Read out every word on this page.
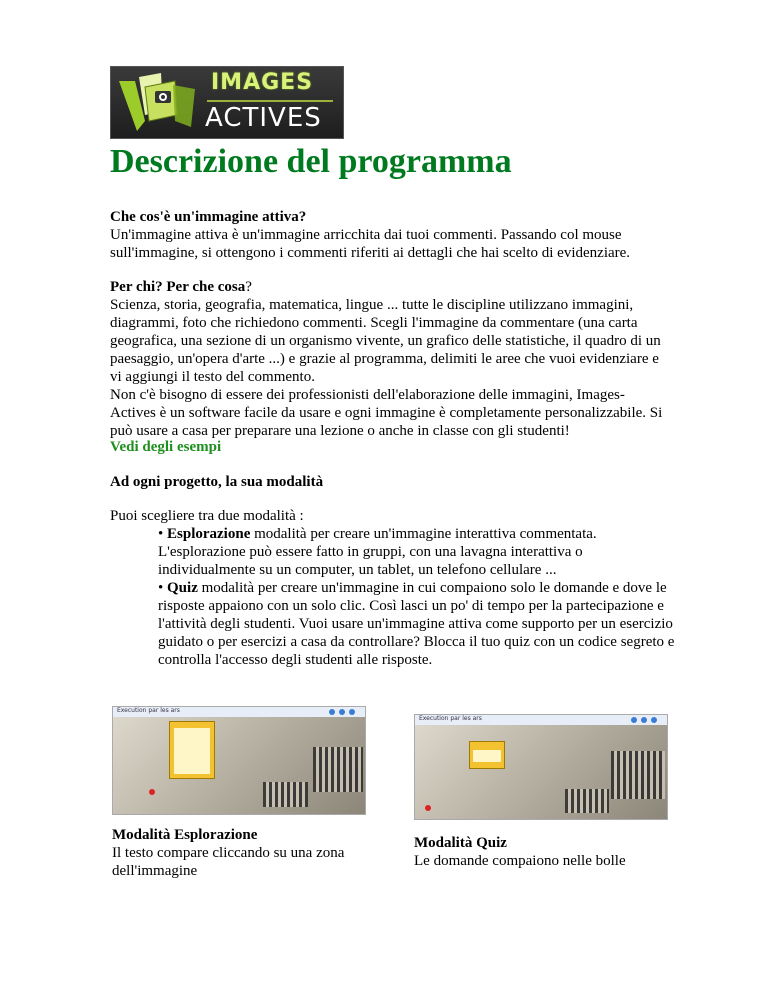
IMAGES
ACTIVES
Descrizione del programma

Che cos'è un'immagine attiva?

Un'immagine attiva è un'immagine arricchita dai tuoi commenti. Passando col mouse sull'immagine, si ottengono i commenti riferiti ai dettagli che hai scelto di evidenziare.

Per chi? Per che cosa?

Scienza, storia, geografia, matematica, lingue ... tutte le discipline utilizzano immagini, diagrammi, foto che richiedono commenti. Scegli l'immagine da commentare (una carta geografica, una sezione di un organismo vivente, un grafico delle statistiche, il quadro di un paesaggio, un'opera d'arte ...) e grazie al programma, delimiti le aree che vuoi evidenziare e vi aggiungi il testo del commento.

Non c'è bisogno di essere dei professionisti dell'elaborazione delle immagini, Images-Actives è un software facile da usare e ogni immagine è completamente personalizzabile. Si può usare a casa per preparare una lezione o anche in classe con gli studenti!

Vedi degli esempi
Ad ogni progetto, la sua modalità
Puoi scegliere tra due modalità :

• Esplorazione modalità per creare un'immagine interattiva commentata. L'esplorazione può essere fatto in gruppi, con una lavagna interattiva o individualmente su un computer, un tablet, un telefono cellulare ...

• Quiz modalità per creare un'immagine in cui compaiono solo le domande e dove le risposte appaiono con un solo clic. Così lasci un po' di tempo per la partecipazione e l'attività degli studenti. Vuoi usare un'immagine attiva come supporto per un esercizio guidato o per esercizi a casa da controllare? Blocca il tuo quiz con un codice segreto e controlla l'accesso degli studenti alle risposte.

Execution par les ars
Modalità Esplorazione
Il testo compare cliccando su una zona dell'immagine
Execution par les ars
Modalità Quiz
Le domande compaiono nelle bolle
